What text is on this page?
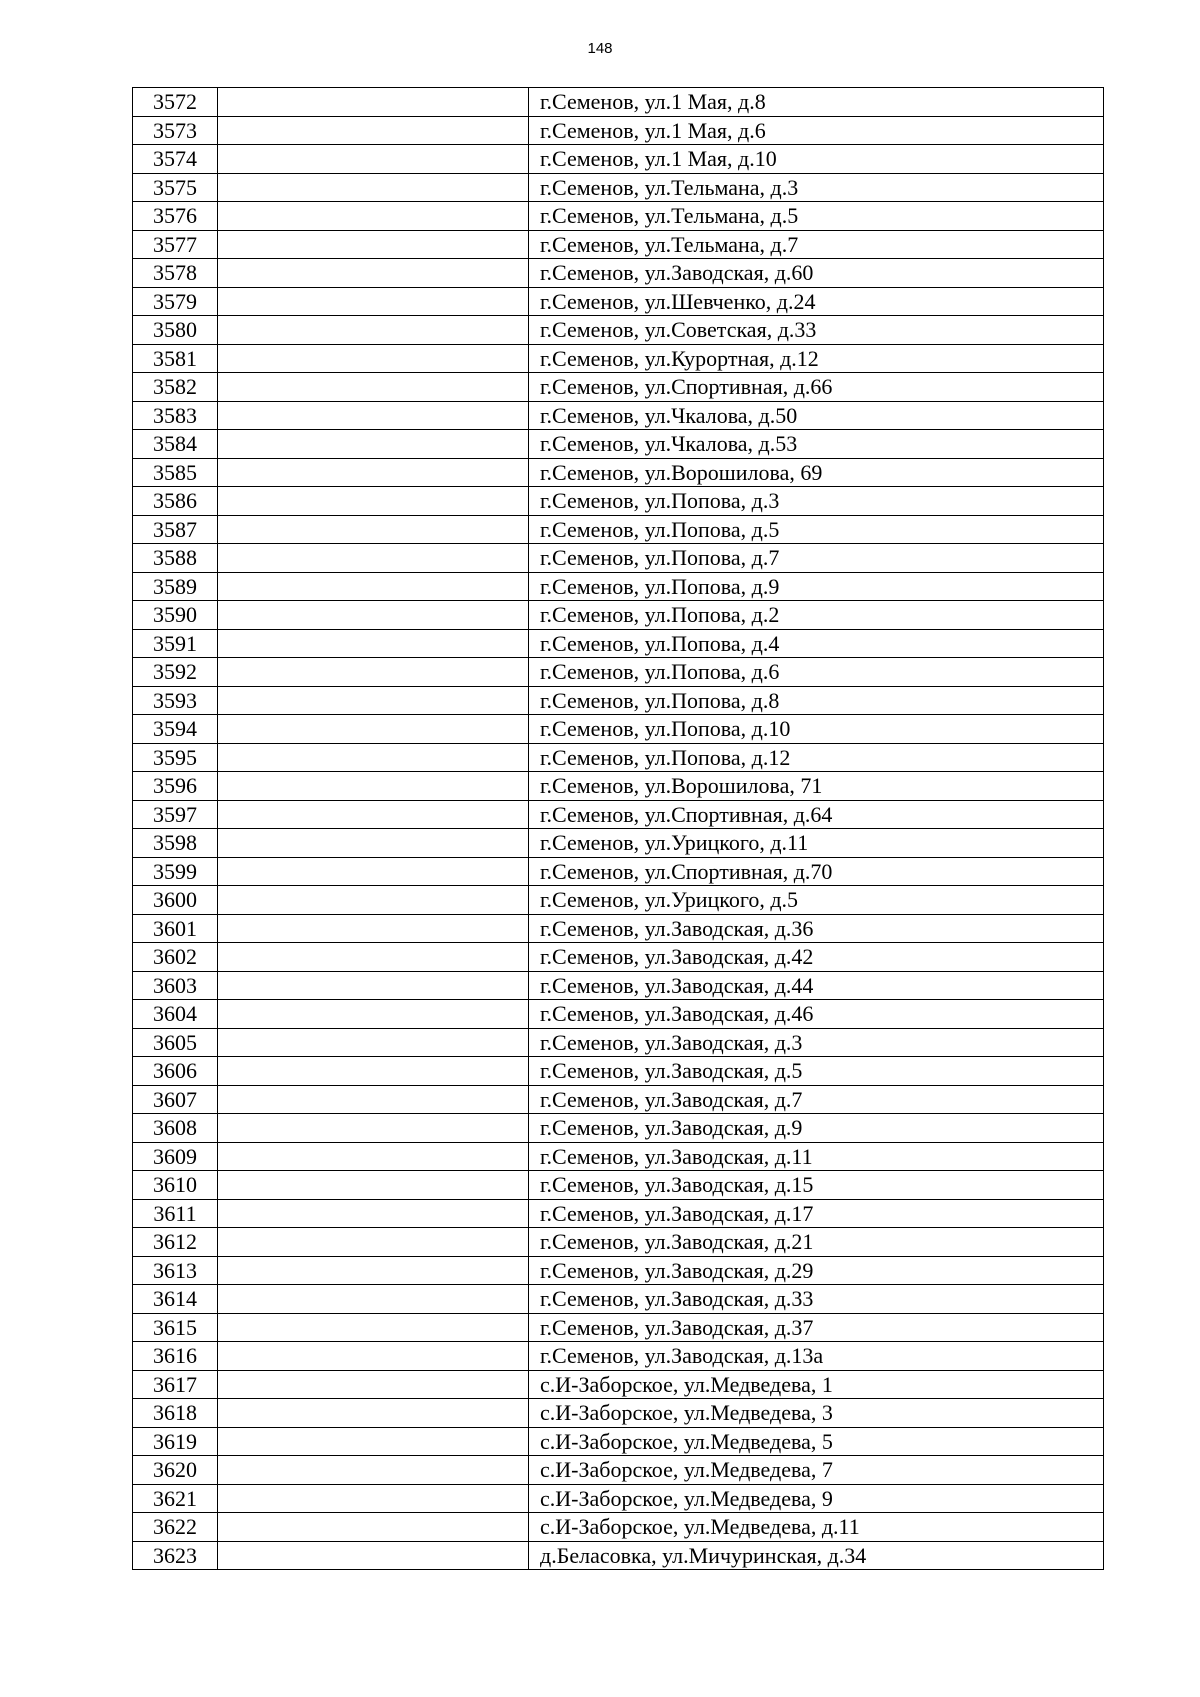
148
3572		г.Семенов, ул.1 Мая, д.8
3573		г.Семенов, ул.1 Мая, д.6
3574		г.Семенов, ул.1 Мая, д.10
3575		г.Семенов, ул.Тельмана, д.3
3576		г.Семенов, ул.Тельмана, д.5
3577		г.Семенов, ул.Тельмана, д.7
3578		г.Семенов, ул.Заводская, д.60
3579		г.Семенов, ул.Шевченко, д.24
3580		г.Семенов, ул.Советская, д.33
3581		г.Семенов, ул.Курортная, д.12
3582		г.Семенов, ул.Спортивная, д.66
3583		г.Семенов, ул.Чкалова, д.50
3584		г.Семенов, ул.Чкалова, д.53
3585		г.Семенов, ул.Ворошилова, 69
3586		г.Семенов, ул.Попова, д.3
3587		г.Семенов, ул.Попова, д.5
3588		г.Семенов, ул.Попова, д.7
3589		г.Семенов, ул.Попова, д.9
3590		г.Семенов, ул.Попова, д.2
3591		г.Семенов, ул.Попова, д.4
3592		г.Семенов, ул.Попова, д.6
3593		г.Семенов, ул.Попова, д.8
3594		г.Семенов, ул.Попова, д.10
3595		г.Семенов, ул.Попова, д.12
3596		г.Семенов, ул.Ворошилова, 71
3597		г.Семенов, ул.Спортивная, д.64
3598		г.Семенов, ул.Урицкого, д.11
3599		г.Семенов, ул.Спортивная, д.70
3600		г.Семенов, ул.Урицкого, д.5
3601		г.Семенов, ул.Заводская, д.36
3602		г.Семенов, ул.Заводская, д.42
3603		г.Семенов, ул.Заводская, д.44
3604		г.Семенов, ул.Заводская, д.46
3605		г.Семенов, ул.Заводская, д.3
3606		г.Семенов, ул.Заводская, д.5
3607		г.Семенов, ул.Заводская, д.7
3608		г.Семенов, ул.Заводская, д.9
3609		г.Семенов, ул.Заводская, д.11
3610		г.Семенов, ул.Заводская, д.15
3611		г.Семенов, ул.Заводская, д.17
3612		г.Семенов, ул.Заводская, д.21
3613		г.Семенов, ул.Заводская, д.29
3614		г.Семенов, ул.Заводская, д.33
3615		г.Семенов, ул.Заводская, д.37
3616		г.Семенов, ул.Заводская, д.13а
3617		с.И-Заборское, ул.Медведева, 1
3618		с.И-Заборское, ул.Медведева, 3
3619		с.И-Заборское, ул.Медведева, 5
3620		с.И-Заборское, ул.Медведева, 7
3621		с.И-Заборское, ул.Медведева, 9
3622		с.И-Заборское, ул.Медведева, д.11
3623		д.Беласовка, ул.Мичуринская, д.34
